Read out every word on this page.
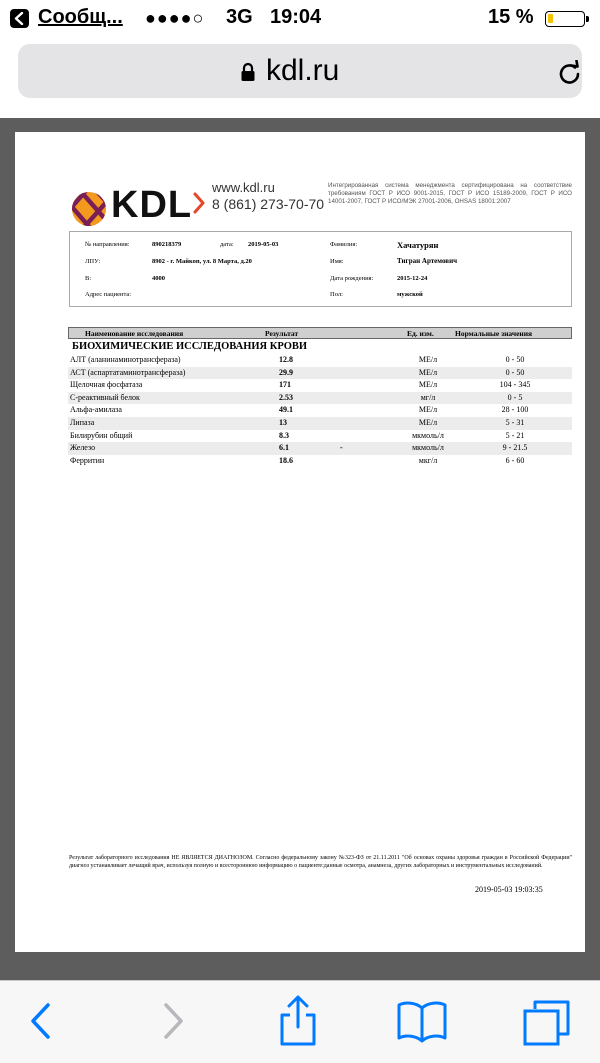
Сообщ... ●●●●○ 3G 19:04	15 %
kdl.ru
KDL www.kdl.ru
8 (861) 273-70-70
Интегрированная система менеджмента сертифицирована на соответствие требованиям ГОСТ Р ИСО 9001-2015, ГОСТ Р ИСО 15189-2009, ГОСТ Р ИСО 14001-2007, ГОСТ Р ИСО/МЭК 27001-2006, OHSAS 18001:2007
№ направления:	890218379	дата: 2019-05-03
ЛПУ:	8902 - г. Майкоп, ул. 8 Марта, д.20
В:	4000
Адрес пациента:
Фамилия:	Хачатурян
Имя:	Тигран Артемович
Дата рождения:	2015-12-24
Пол:	мужской
Наименование исследования	Результат	Ед. изм.	Нормальные значения
БИОХИМИЧЕСКИЕ ИССЛЕДОВАНИЯ КРОВИ
АЛТ (аланинаминотрансфераза)	12.8	МЕ/л	0 - 50
АСТ (аспартатаминотрансфераза)	29.9	МЕ/л	0 - 50
Щелочная фосфатаза	171	МЕ/л	104 - 345
С-реактивный белок	2.53	мг/л	0 - 5
Альфа-амилаза	49.1	МЕ/л	28 - 100
Липаза	13	МЕ/л	5 - 31
Билирубин общий	8.3	мкмоль/л	5 - 21
Железо	6.1	-	мкмоль/л	9 - 21.5
Ферритин	18.6	мкг/л	6 - 60
Результат лабораторного исследования НЕ ЯВЛЯЕТСЯ ДИАГНОЗОМ. Согласно федеральному закону №323-ФЗ от 21.11.2011 "Об основах охраны здоровья граждан в Российской Федерации" диагноз устанавливает лечащий врач, используя полную и всестороннюю информацию о пациенте:данные осмотра, анамнеза, других лабораторных и инструментальных исследований.
2019-05-03 19:03:35
